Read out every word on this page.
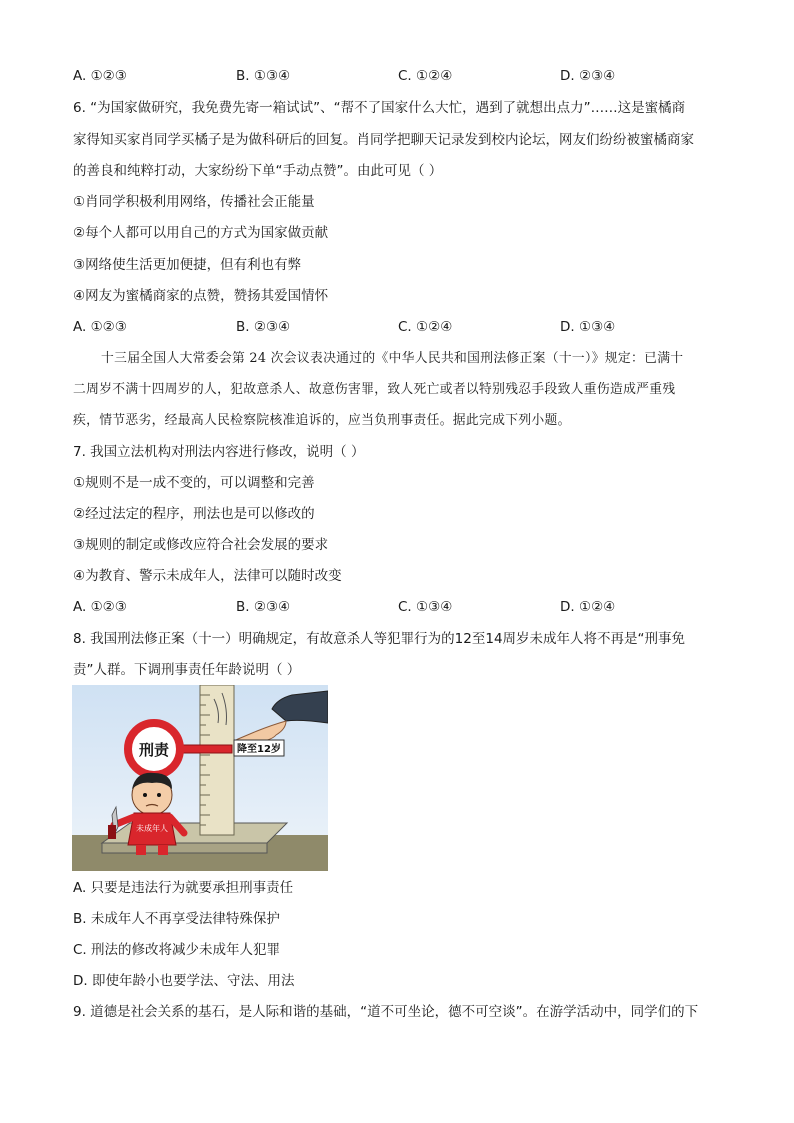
A. ①②③	B. ①③④	C. ①②④	D. ②③④
6. “为国家做研究，我免费先寄一箱试试”、“帮不了国家什么大忙，遇到了就想出点力”……这是蜜橘商
家得知买家肖同学买橘子是为做科研后的回复。肖同学把聊天记录发到校内论坛，网友们纷纷被蜜橘商家
的善良和纯粹打动，大家纷纷下单“手动点赞”。由此可见（ ）
①肖同学积极利用网络，传播社会正能量
②每个人都可以用自己的方式为国家做贡献
③网络使生活更加便捷，但有利也有弊
④网友为蜜橘商家的点赞，赞扬其爱国情怀
A. ①②③	B. ②③④	C. ①②④	D. ①③④
十三届全国人大常委会第 24 次会议表决通过的《中华人民共和国刑法修正案（十一）》规定：已满十
二周岁不满十四周岁的人，犯故意杀人、故意伤害罪，致人死亡或者以特别残忍手段致人重伤造成严重残
疾，情节恶劣，经最高人民检察院核准追诉的，应当负刑事责任。据此完成下列小题。
7. 我国立法机构对刑法内容进行修改，说明（ ）
①规则不是一成不变的，可以调整和完善
②经过法定的程序，刑法也是可以修改的
③规则的制定或修改应符合社会发展的要求
④为教育、警示未成年人，法律可以随时改变
A. ①②③	B. ②③④	C. ①③④	D. ①②④
8. 我国刑法修正案（十一）明确规定，有故意杀人等犯罪行为的12至14周岁未成年人将不再是“刑事免
责”人群。下调刑事责任年龄说明（ ）
降至12岁
刑责
未成年人
A. 只要是违法行为就要承担刑事责任
B. 未成年人不再享受法律特殊保护
C. 刑法的修改将减少未成年人犯罪
D. 即使年龄小也要学法、守法、用法
9. 道德是社会关系的基石，是人际和谐的基础，“道不可坐论，德不可空谈”。在游学活动中，同学们的下
